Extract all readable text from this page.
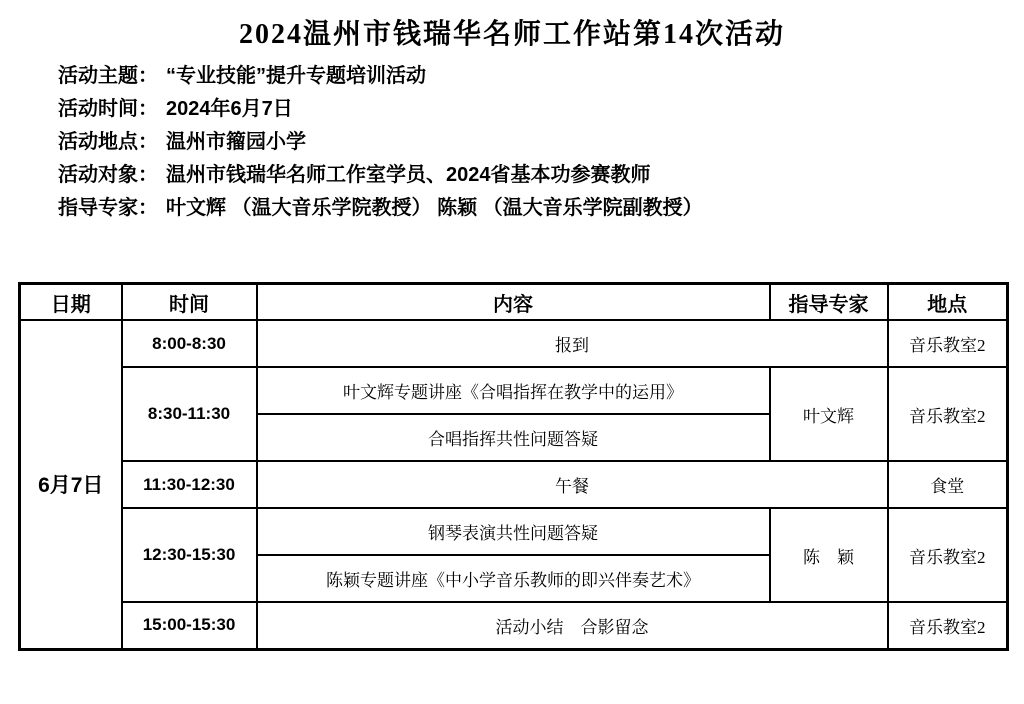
2024温州市钱瑞华名师工作站第14次活动
活动主题： “专业技能”提升专题培训活动
活动时间： 2024年6月7日
活动地点： 温州市籀园小学
活动对象： 温州市钱瑞华名师工作室学员、2024省基本功参赛教师
指导专家： 叶文辉 （温大音乐学院教授） 陈颖 （温大音乐学院副教授）
日期	时间	内容	指导专家	地点
6月7日	8:00-8:30	报到		音乐教室2
	8:30-11:30	叶文辉专题讲座《合唱指挥在教学中的运用》	叶文辉	音乐教室2
		合唱指挥共性问题答疑		
	11:30-12:30	午餐		食堂
	12:30-15:30	钢琴表演共性问题答疑	陈　颖	音乐教室2
		陈颖专题讲座《中小学音乐教师的即兴伴奏艺术》		
	15:00-15:30	活动小结　合影留念		音乐教室2
